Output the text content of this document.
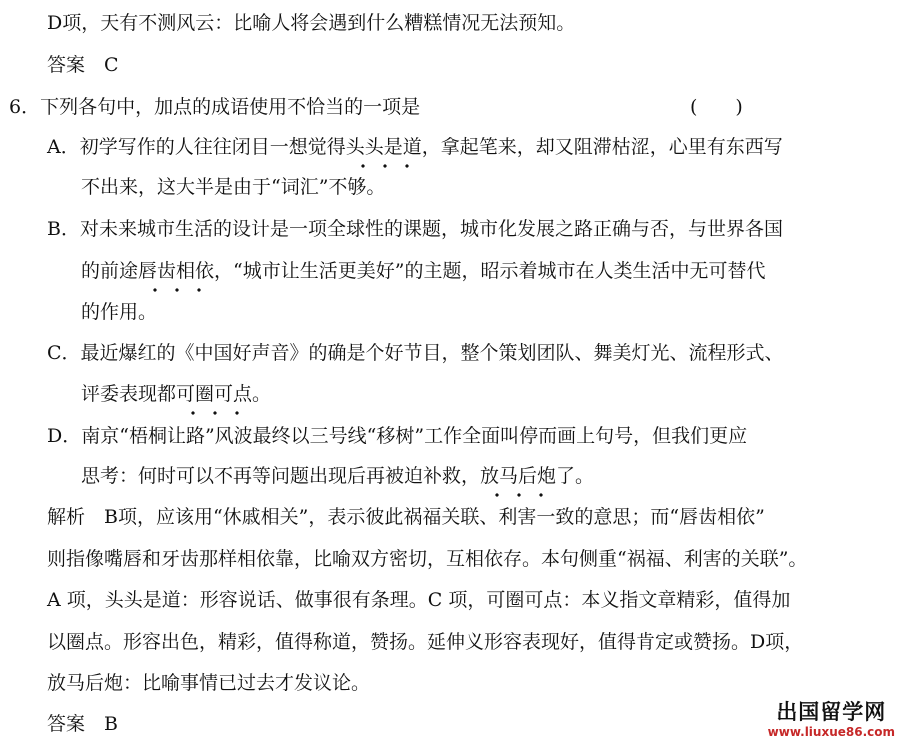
D项，天有不测风云：比喻人将会遇到什么糟糕情况无法预知。
答案　C
6．下列各句中，加点的成语使用不恰当的一项是	(　　)
A．初学写作的人往往闭目一想觉得头头是道，拿起笔来，却又阻滞枯涩，心里有东西写
不出来，这大半是由于“词汇”不够。
B．对未来城市生活的设计是一项全球性的课题，城市化发展之路正确与否，与世界各国
的前途唇齿相依，“城市让生活更美好”的主题，昭示着城市在人类生活中无可替代
的作用。
C．最近爆红的《中国好声音》的确是个好节目，整个策划团队、舞美灯光、流程形式、
评委表现都可圈可点。
D．南京“梧桐让路”风波最终以三号线“移树”工作全面叫停而画上句号，但我们更应
思考：何时可以不再等问题出现后再被迫补救，放马后炮了。
解析　B项，应该用“休戚相关”，表示彼此祸福关联、利害一致的意思；而“唇齿相依”
则指像嘴唇和牙齿那样相依靠，比喻双方密切，互相依存。本句侧重“祸福、利害的关联”。
A 项，头头是道：形容说话、做事很有条理。C 项，可圈可点：本义指文章精彩，值得加
以圈点。形容出色，精彩，值得称道，赞扬。延伸义形容表现好，值得肯定或赞扬。D项，
放马后炮：比喻事情已过去才发议论。
答案　B	出国留学网
www.liuxue86.com
